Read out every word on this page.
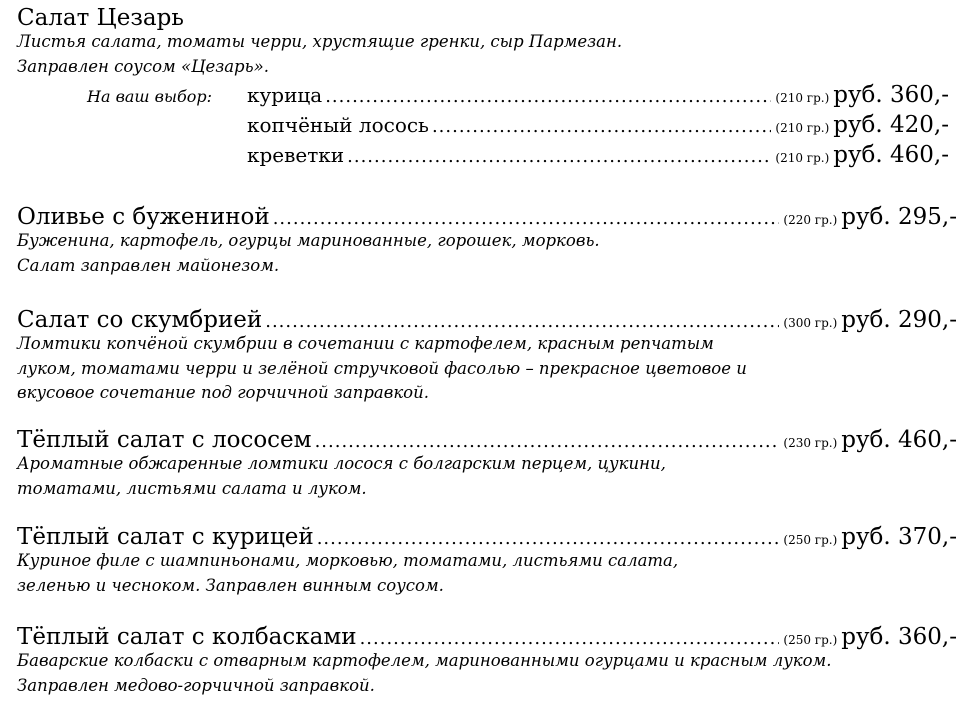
Салат Цезарь
Листья салата, томаты черри, хрустящие гренки, сыр Пармезан.
Заправлен соусом «Цезарь».
На ваш выбор:	курица .....	(210 гр.) руб. 360,-
копчёный лосось .....	(210 гр.) руб. 420,-
креветки .....	(210 гр.) руб. 460,-
Оливье с бужениной .....	(220 гр.) руб. 295,-
Буженина, картофель, огурцы маринованные, горошек, морковь.
Салат заправлен майонезом.
Салат со скумбрией .....	(300 гр.) руб. 290,-
Ломтики копчёной скумбрии в сочетании с картофелем, красным репчатым
луком, томатами черри и зелёной стручковой фасолью – прекрасное цветовое и
вкусовое сочетание под горчичной заправкой.
Тёплый салат с лососем .....	(230 гр.) руб. 460,-
Ароматные обжаренные ломтики лосося с болгарским перцем, цукини,
томатами, листьями салата и луком.
Тёплый салат с курицей .....	(250 гр.) руб. 370,-
Куриное филе с шампиньонами, морковью, томатами, листьями салата,
зеленью и чесноком. Заправлен винным соусом.
Тёплый салат с колбасками .....	(250 гр.) руб. 360,-
Баварские колбаски с отварным картофелем, маринованными огурцами и красным луком.
Заправлен медово-горчичной заправкой.
